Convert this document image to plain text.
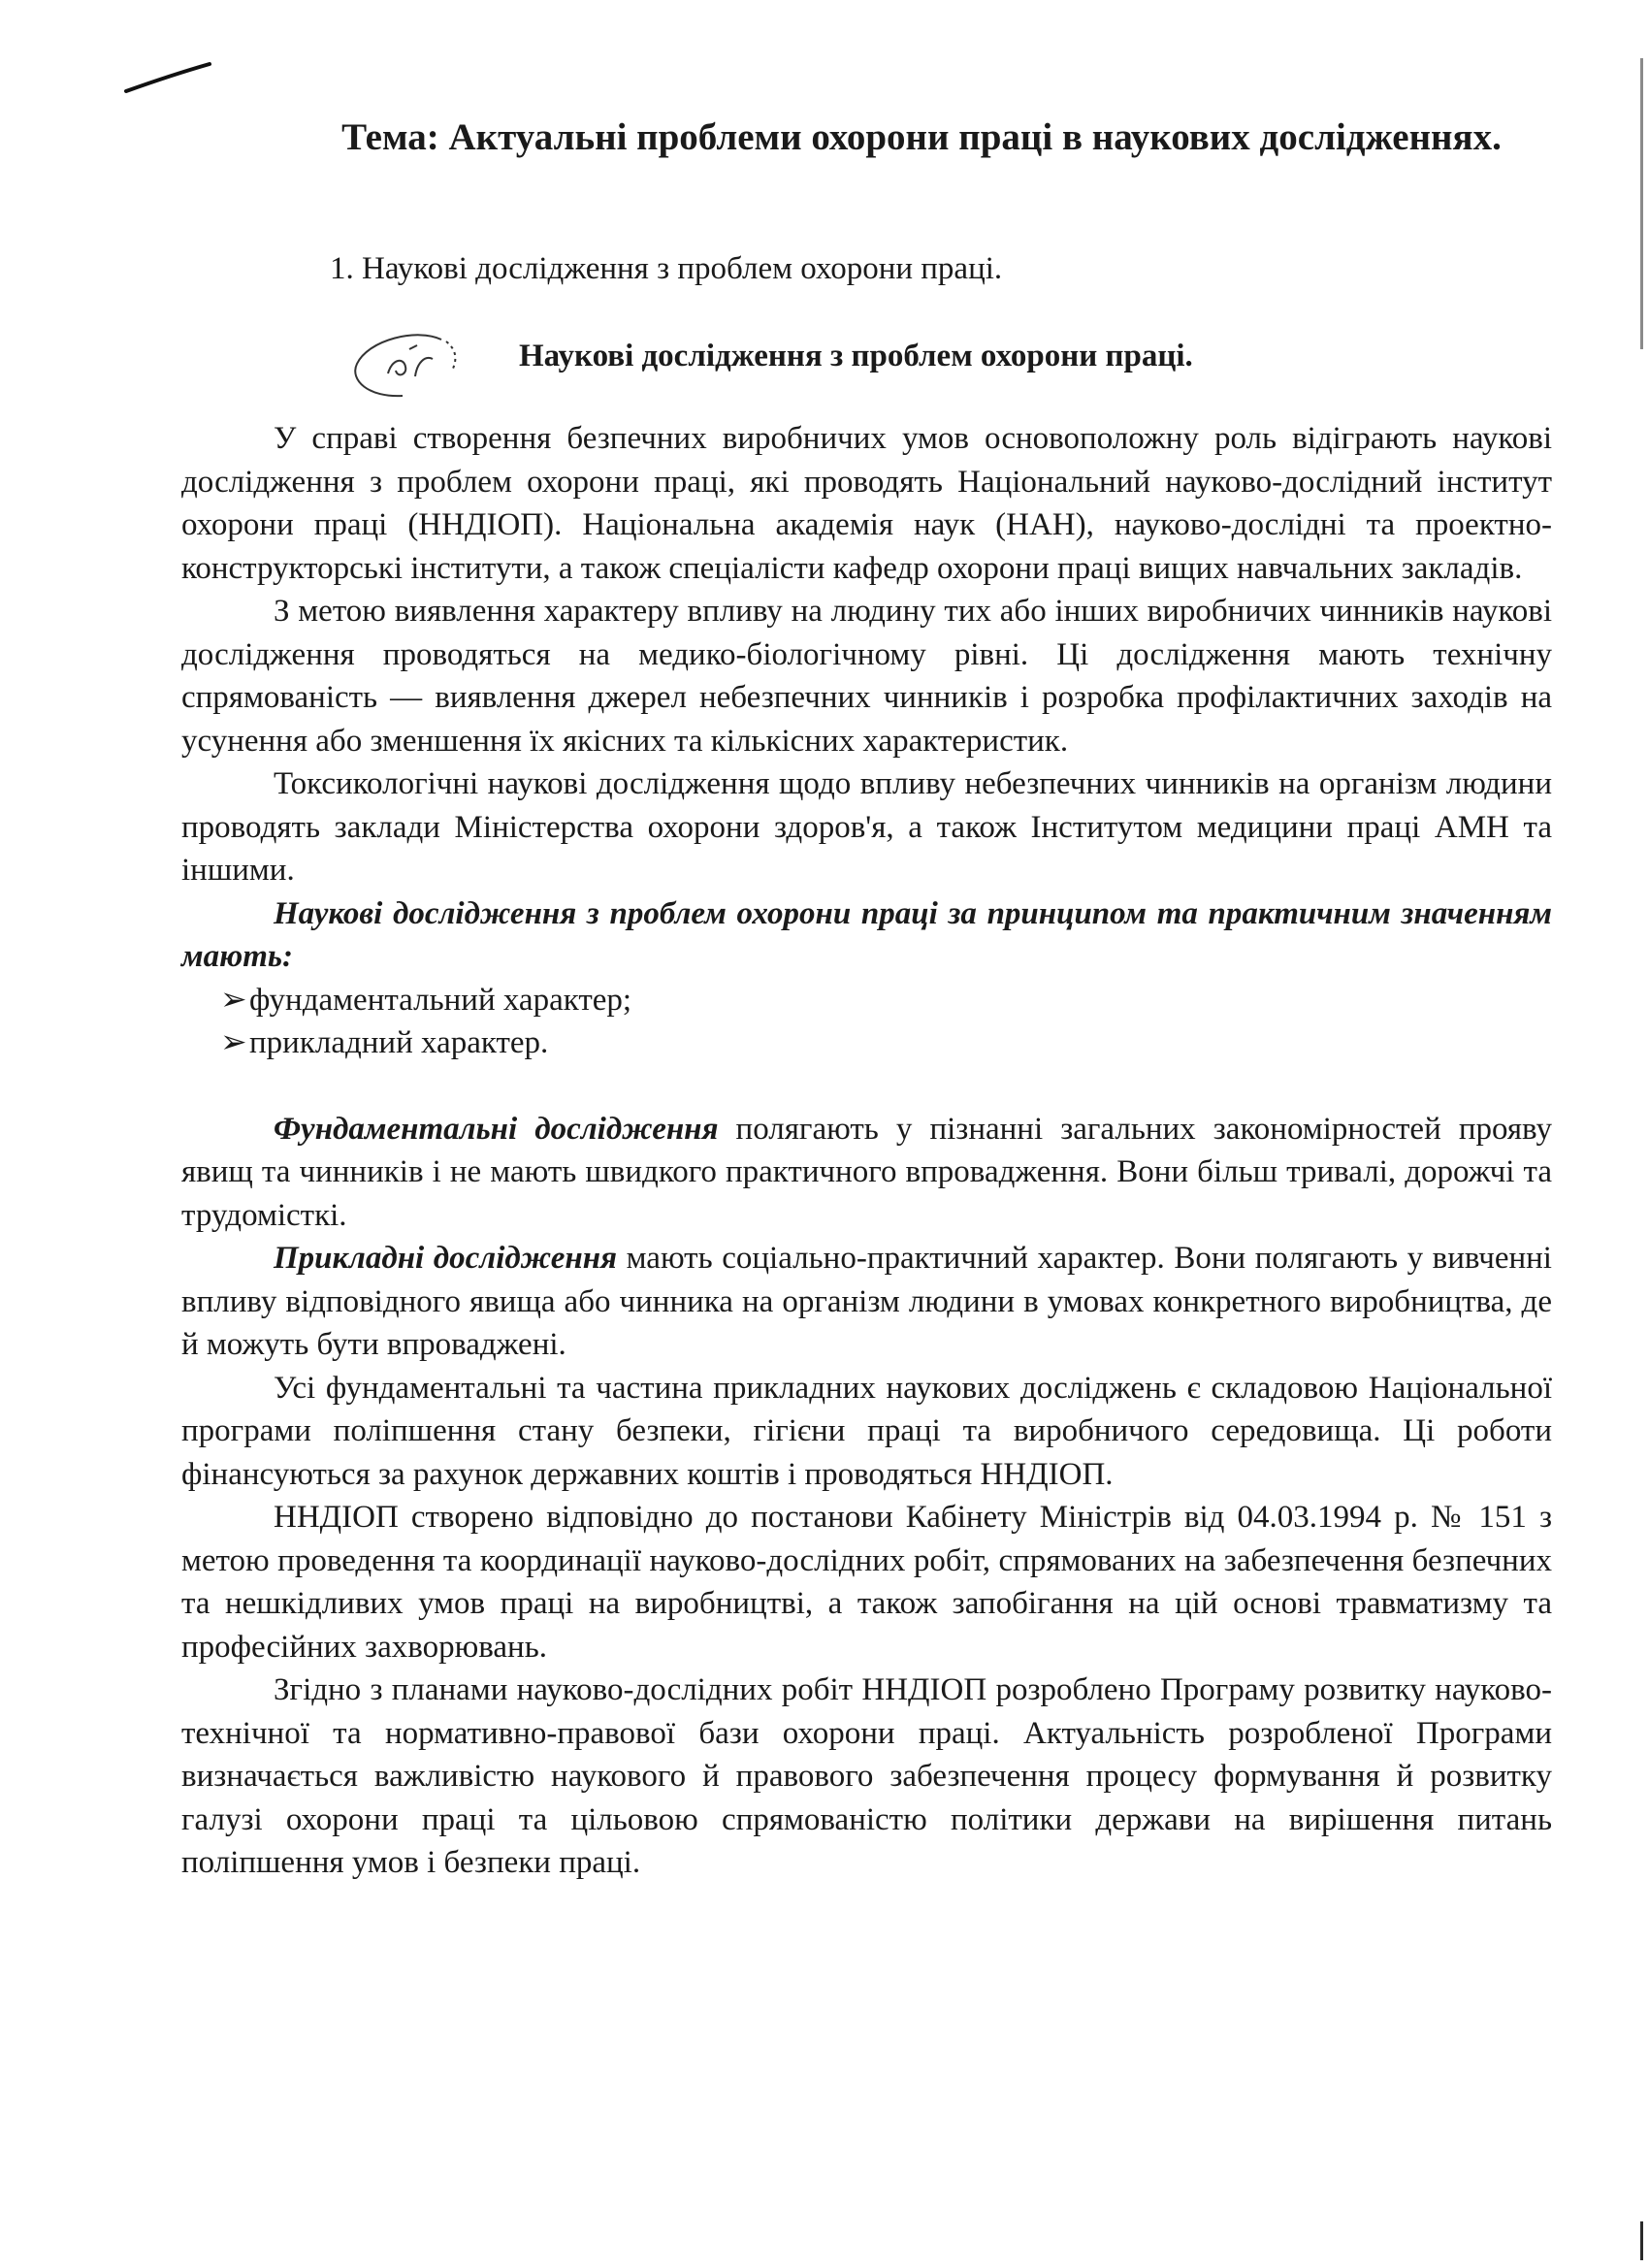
Тема: Актуальні проблеми охорони праці в наукових дослідженнях.

1. Наукові дослідження з проблем охорони праці.

Наукові дослідження з проблем охорони праці.

У справі створення безпечних виробничих умов основоположну роль відіграють наукові дослідження з проблем охорони праці, які проводять Національний науково-дослідний інститут охорони праці (ННДІОП). Національна академія наук (НАН), науково-дослідні та проектно-конструкторські інститути, а також спеціалісти кафедр охорони праці вищих навчальних закладів.

З метою виявлення характеру впливу на людину тих або інших виробничих чинників наукові дослідження проводяться на медико-біологічному рівні. Ці дослідження мають технічну спрямованість — виявлення джерел небезпечних чинників і розробка профілактичних заходів на усунення або зменшення їх якісних та кількісних характеристик.

Токсикологічні наукові дослідження щодо впливу небезпечних чинників на організм людини проводять заклади Міністерства охорони здоров'я, а також Інститутом медицини праці АМН та іншими.

Наукові дослідження з проблем охорони праці за принципом та практичним значенням мають:

➢фундаментальний характер;
➢прикладний характер.

Фундаментальні дослідження полягають у пізнанні загальних закономірностей прояву явищ та чинників і не мають швидкого практичного впровадження. Вони більш тривалі, дорожчі та трудомісткі.

Прикладні дослідження мають соціально-практичний характер. Вони полягають у вивченні впливу відповідного явища або чинника на організм людини в умовах конкретного виробництва, де й можуть бути впроваджені.

Усі фундаментальні та частина прикладних наукових досліджень є складовою Національної програми поліпшення стану безпеки, гігієни праці та виробничого середовища. Ці роботи фінансуються за рахунок державних коштів і проводяться ННДІОП.

ННДІОП створено відповідно до постанови Кабінету Міністрів від 04.03.1994 р. № 151 з метою проведення та координації науково-дослідних робіт, спрямованих на забезпечення безпечних та нешкідливих умов праці на виробництві, а також запобігання на цій основі травматизму та професійних захворювань.

Згідно з планами науково-дослідних робіт ННДІОП розроблено Програму розвитку науково-технічної та нормативно-правової бази охорони праці. Актуальність розробленої Програми визначається важливістю наукового й правового забезпечення процесу формування й розвитку галузі охорони праці та цільовою спрямованістю політики держави на вирішення питань поліпшення умов і безпеки праці.
